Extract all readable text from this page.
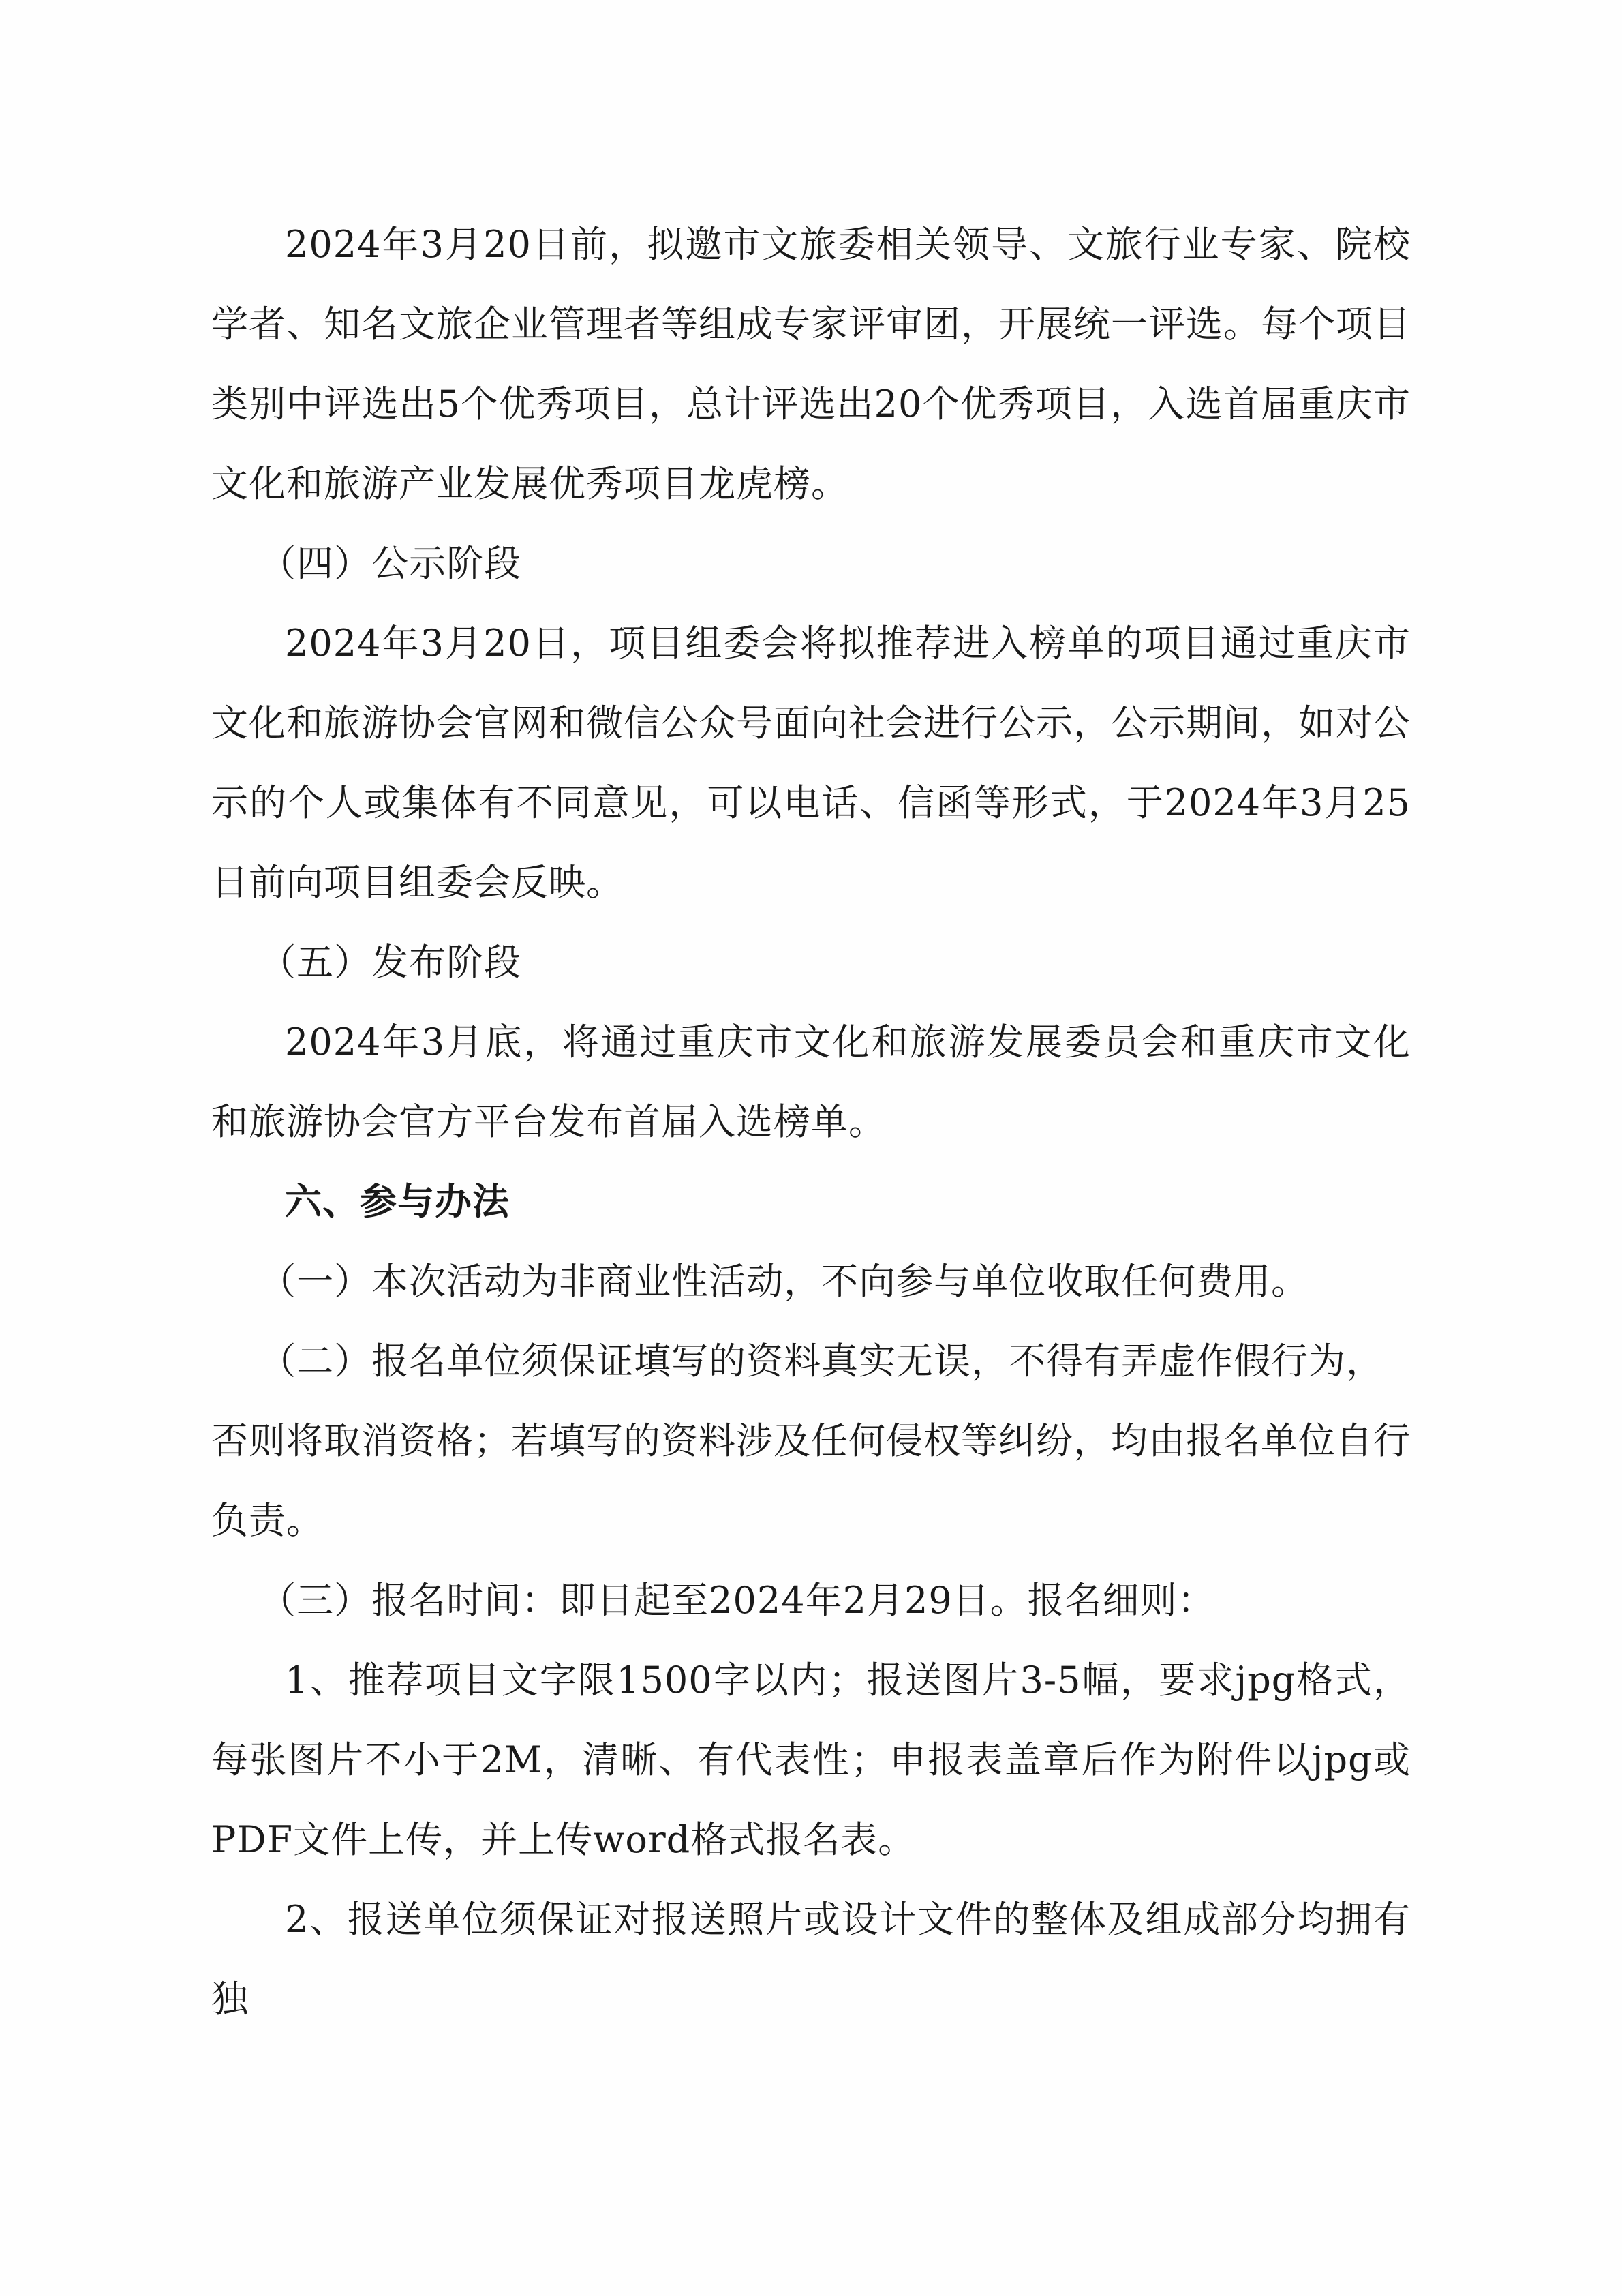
2024年3月20日前，拟邀市文旅委相关领导、文旅行业专家、院校学者、知名文旅企业管理者等组成专家评审团，开展统一评选。每个项目类别中评选出5个优秀项目，总计评选出20个优秀项目，入选首届重庆市文化和旅游产业发展优秀项目龙虎榜。

（四）公示阶段

2024年3月20日，项目组委会将拟推荐进入榜单的项目通过重庆市文化和旅游协会官网和微信公众号面向社会进行公示，公示期间，如对公示的个人或集体有不同意见，可以电话、信函等形式，于2024年3月25日前向项目组委会反映。

（五）发布阶段

2024年3月底，将通过重庆市文化和旅游发展委员会和重庆市文化和旅游协会官方平台发布首届入选榜单。

六、参与办法

（一）本次活动为非商业性活动，不向参与单位收取任何费用。

（二）报名单位须保证填写的资料真实无误，不得有弄虚作假行为，否则将取消资格；若填写的资料涉及任何侵权等纠纷，均由报名单位自行负责。

（三）报名时间：即日起至2024年2月29日。报名细则：

1、推荐项目文字限1500字以内；报送图片3-5幅，要求jpg格式，每张图片不小于2M，清晰、有代表性；申报表盖章后作为附件以jpg或PDF文件上传，并上传word格式报名表。

2、报送单位须保证对报送照片或设计文件的整体及组成部分均拥有独
